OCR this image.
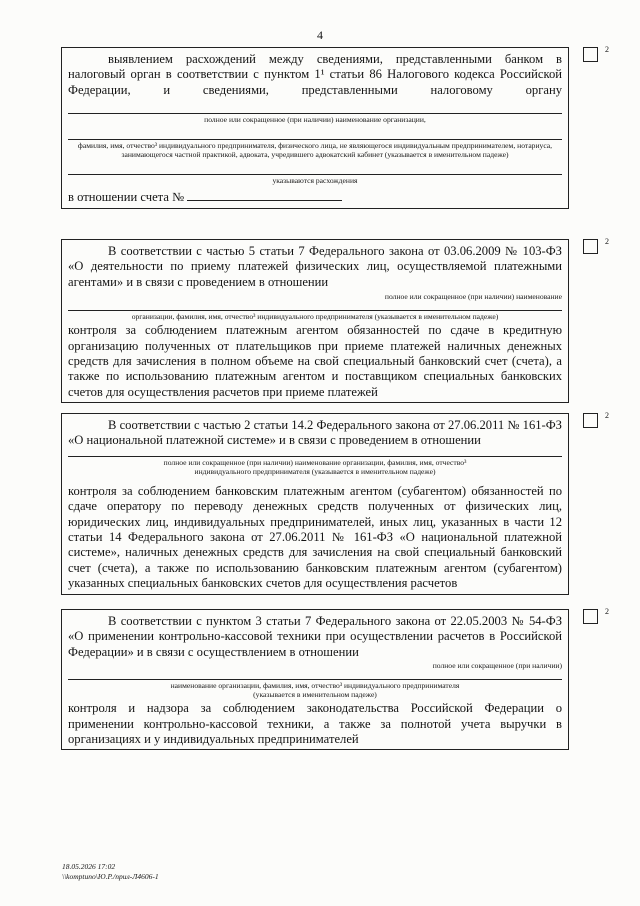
4
выявлением расхождений между сведениями, представленными банком в
налоговый орган в соответствии с пунктом 1¹ статьи 86 Налогового кодекса Российской
Федерации, и сведениями, представленными налоговому органу
полное или сокращенное (при наличии) наименование организации,
фамилия, имя, отчество³ индивидуального предпринимателя, физического лица, не являющегося индивидуальным предпринимателем, нотариуса, занимающегося частной практикой, адвоката, учредившего адвокатский кабинет (указывается в именительном падеже)
указываются расхождения
в отношении счета №
2
В соответствии с частью 5 статьи 7 Федерального закона от 03.06.2009 № 103-ФЗ «О деятельности по приему платежей физических лиц, осуществляемой платежными агентами» и в связи с проведением в отношении
полное или сокращенное (при наличии) наименование
организации, фамилия, имя, отчество³ индивидуального предпринимателя (указывается в именительном падеже)
контроля за соблюдением платежным агентом обязанностей по сдаче в кредитную организацию полученных от плательщиков при приеме платежей наличных денежных средств для зачисления в полном объеме на свой специальный банковский счет (счета), а также по использованию платежным агентом и поставщиком специальных банковских счетов для осуществления расчетов при приеме платежей
2
В соответствии с частью 2 статьи 14.2 Федерального закона от 27.06.2011 № 161-ФЗ «О национальной платежной системе» и в связи с проведением в отношении
полное или сокращенное (при наличии) наименование организации, фамилия, имя, отчество³
индивидуального предпринимателя (указывается в именительном падеже)
контроля за соблюдением банковским платежным агентом (субагентом) обязанностей по сдаче оператору по переводу денежных средств полученных от физических лиц, юридических лиц, индивидуальных предпринимателей, иных лиц, указанных в части 12 статьи 14 Федерального закона от 27.06.2011 № 161-ФЗ «О национальной платежной системе», наличных денежных средств для зачисления на свой специальный банковский счет (счета), а также по использованию банковским платежным агентом (субагентом) указанных специальных банковских счетов для осуществления расчетов
2
В соответствии с пунктом 3 статьи 7 Федерального закона от 22.05.2003 № 54-ФЗ «О применении контрольно-кассовой техники при осуществлении расчетов в Российской Федерации» и в связи с осуществлением в отношении
полное или сокращенное (при наличии)
наименование организации, фамилия, имя, отчество³ индивидуального предпринимателя
(указывается в именительном падеже)
контроля и надзора за соблюдением законодательства Российской Федерации о применении контрольно-кассовой техники, а также за полнотой учета выручки в организациях и у индивидуальных предпринимателей
2
18.05.2026 17:02
\\komptuno\Ю.Р./прил-Л4606-1
